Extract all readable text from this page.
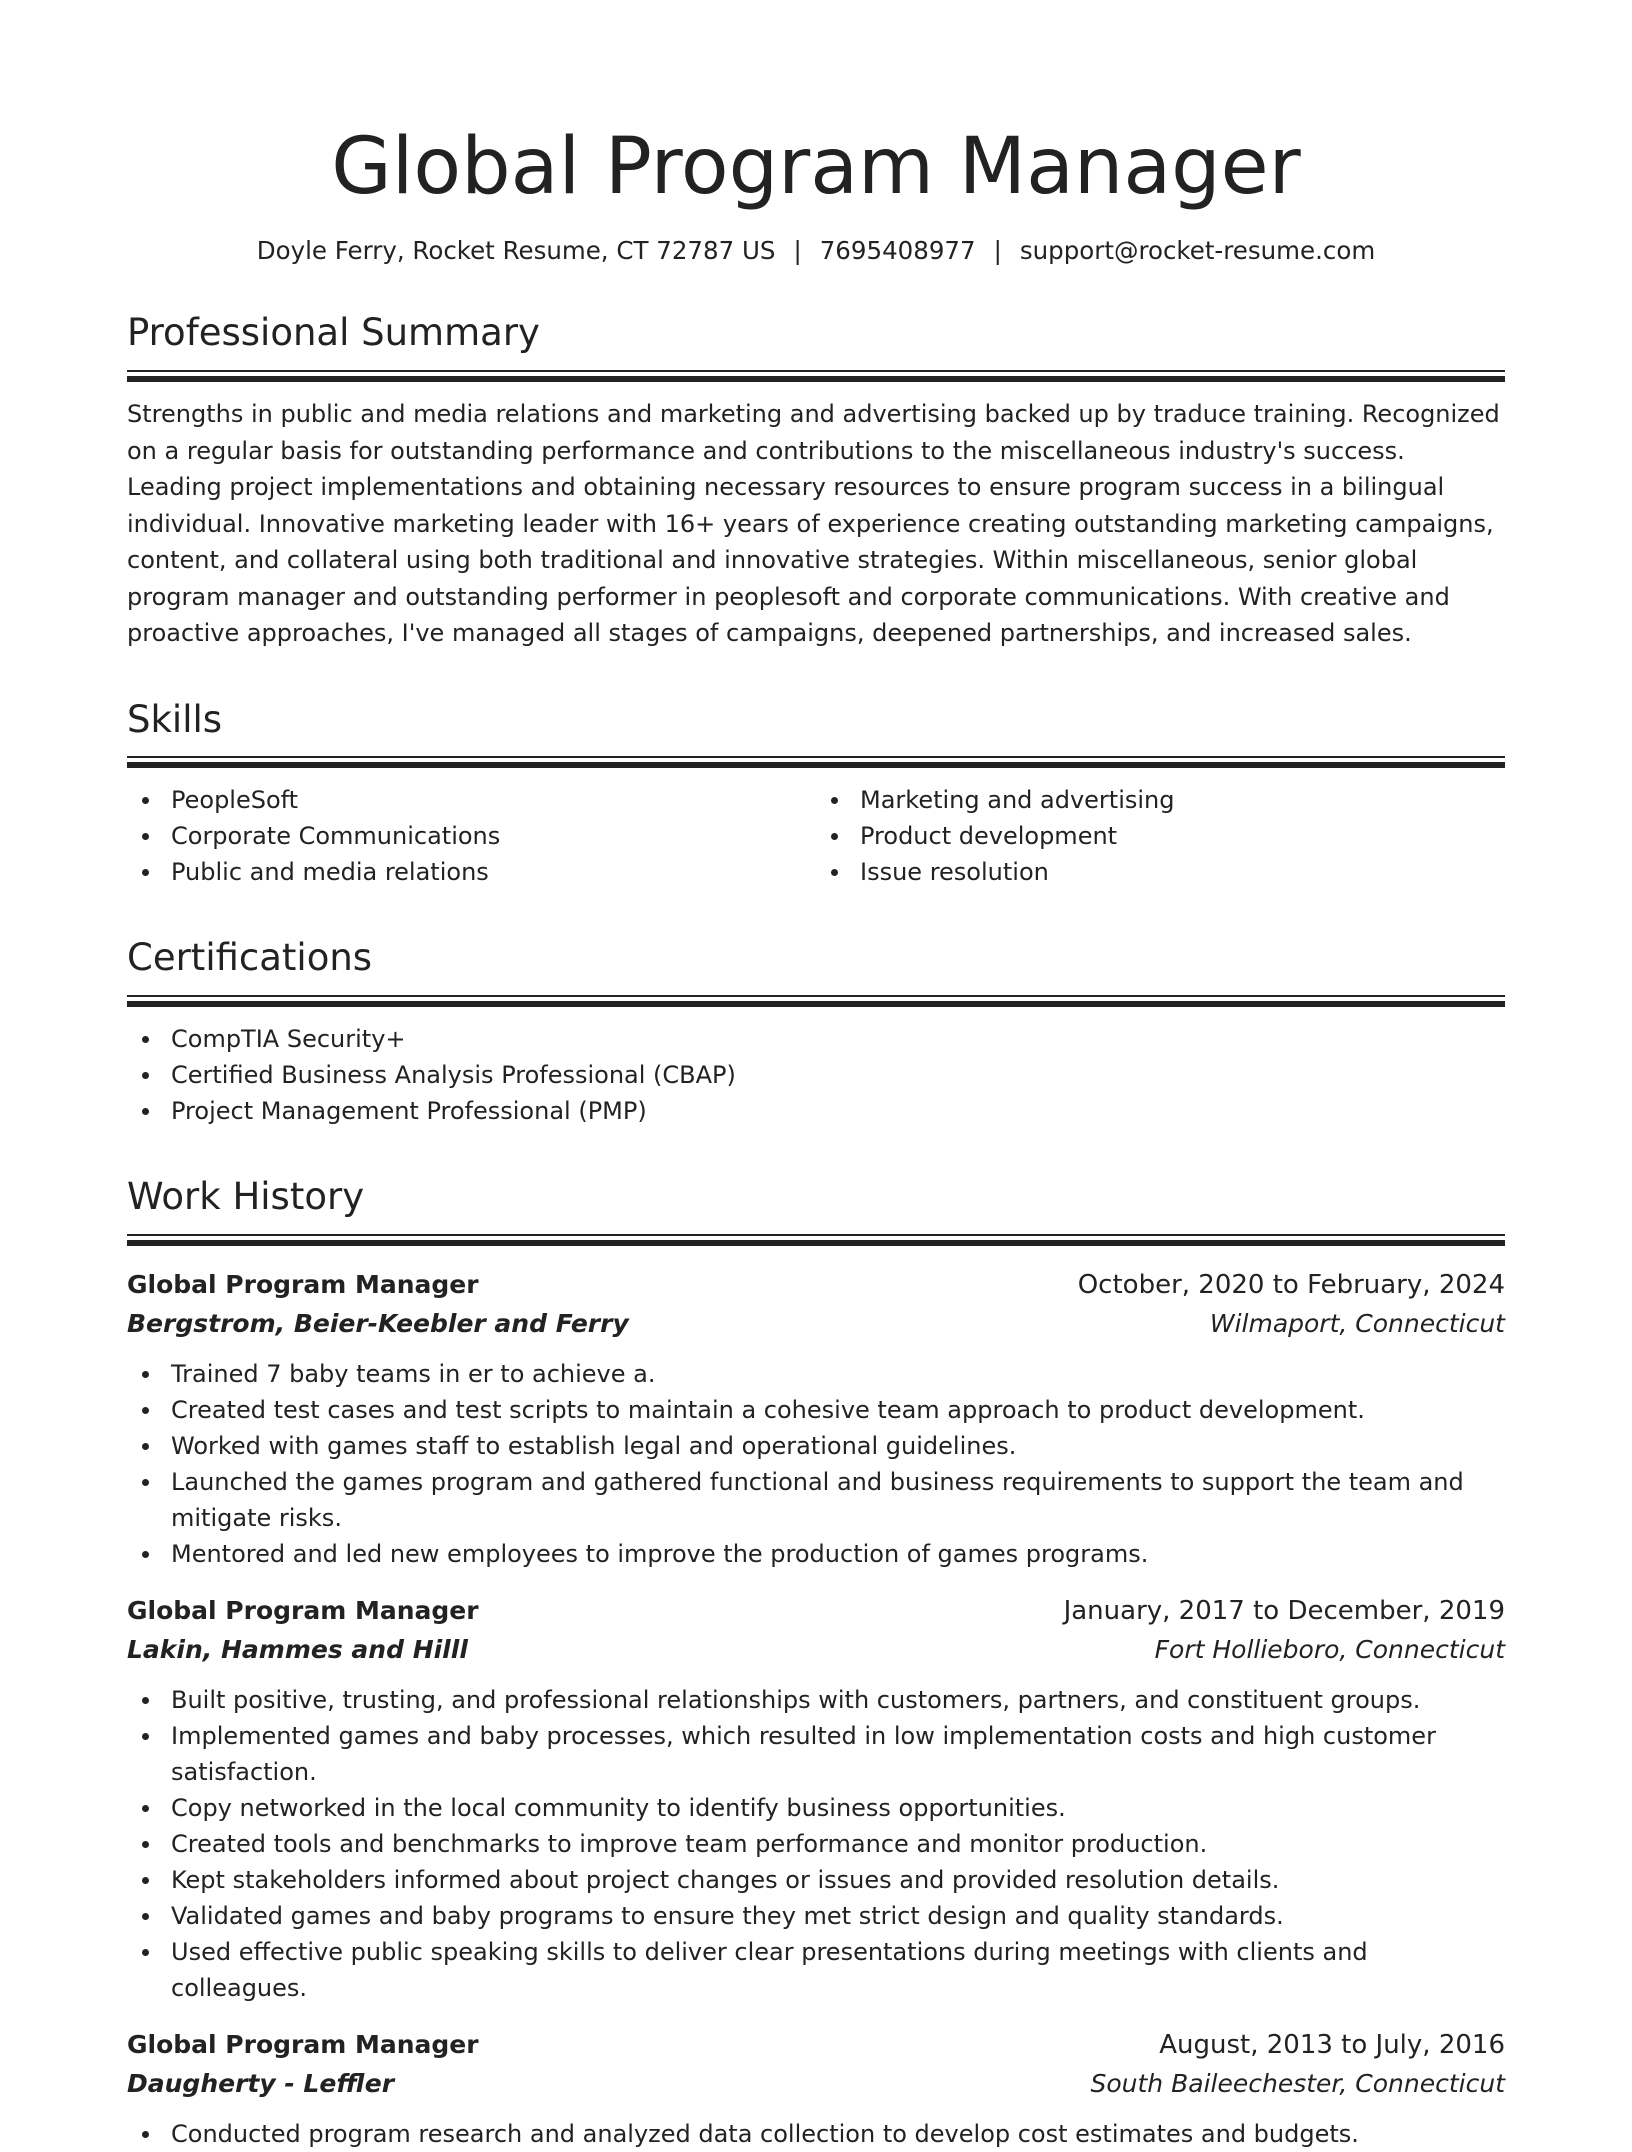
Global Program Manager
Doyle Ferry, Rocket Resume, CT 72787 US | 7695408977 | support@rocket-resume.com
Professional Summary

Strengths in public and media relations and marketing and advertising backed up by traduce training. Recognized on a regular basis for outstanding performance and contributions to the miscellaneous industry's success. Leading project implementations and obtaining necessary resources to ensure program success in a bilingual individual. Innovative marketing leader with 16+ years of experience creating outstanding marketing campaigns, content, and collateral using both traditional and innovative strategies. Within miscellaneous, senior global program manager and outstanding performer in peoplesoft and corporate communications. With creative and proactive approaches, I've managed all stages of campaigns, deepened partnerships, and increased sales.

Skills
PeopleSoft
Corporate Communications
Public and media relations
Marketing and advertising
Product development
Issue resolution
Certifications
CompTIA Security+
Certified Business Analysis Professional (CBAP)
Project Management Professional (PMP)
Work History
Global Program Manager	October, 2020 to February, 2024
Bergstrom, Beier-Keebler and Ferry	Wilmaport, Connecticut
Trained 7 baby teams in er to achieve a.
Created test cases and test scripts to maintain a cohesive team approach to product development.
Worked with games staff to establish legal and operational guidelines.
Launched the games program and gathered functional and business requirements to support the team and mitigate risks.
Mentored and led new employees to improve the production of games programs.
Global Program Manager	January, 2017 to December, 2019
Lakin, Hammes and Hilll	Fort Hollieboro, Connecticut
Built positive, trusting, and professional relationships with customers, partners, and constituent groups.
Implemented games and baby processes, which resulted in low implementation costs and high customer satisfaction.
Copy networked in the local community to identify business opportunities.
Created tools and benchmarks to improve team performance and monitor production.
Kept stakeholders informed about project changes or issues and provided resolution details.
Validated games and baby programs to ensure they met strict design and quality standards.
Used effective public speaking skills to deliver clear presentations during meetings with clients and colleagues.
Global Program Manager	August, 2013 to July, 2016
Daugherty - Leffler	South Baileechester, Connecticut
Conducted program research and analyzed data collection to develop cost estimates and budgets.
